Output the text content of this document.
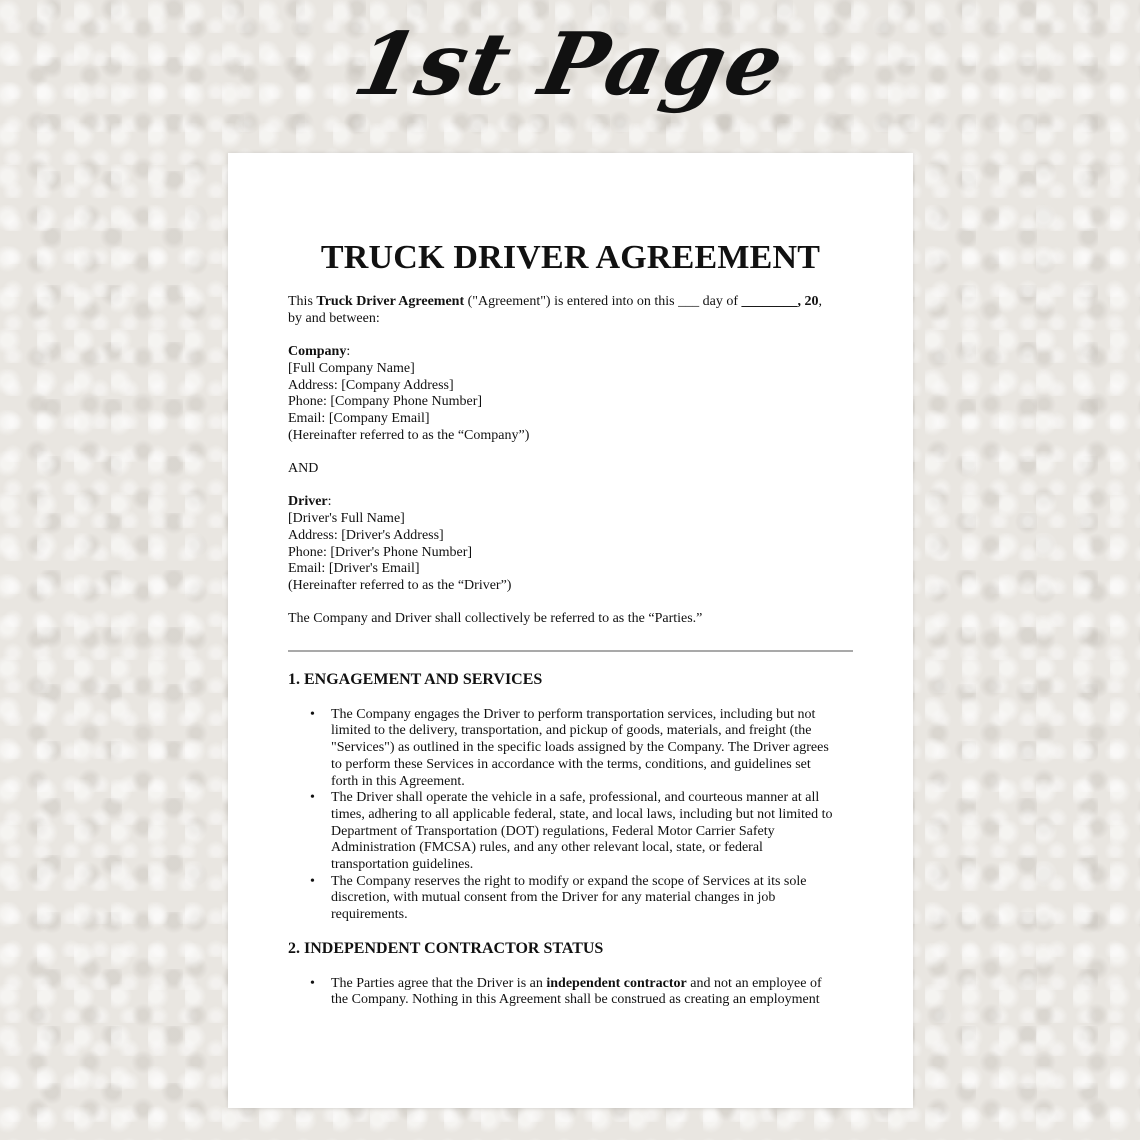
1st Page
TRUCK DRIVER AGREEMENT
This Truck Driver Agreement ("Agreement") is entered into on this ___ day of ________, 20,
by and between:
Company:
[Full Company Name]
Address: [Company Address]
Phone: [Company Phone Number]
Email: [Company Email]
(Hereinafter referred to as the “Company”)
AND
Driver:
[Driver's Full Name]
Address: [Driver's Address]
Phone: [Driver's Phone Number]
Email: [Driver's Email]
(Hereinafter referred to as the “Driver”)
The Company and Driver shall collectively be referred to as the “Parties.”
1. ENGAGEMENT AND SERVICES
• The Company engages the Driver to perform transportation services, including but not
limited to the delivery, transportation, and pickup of goods, materials, and freight (the
"Services") as outlined in the specific loads assigned by the Company. The Driver agrees
to perform these Services in accordance with the terms, conditions, and guidelines set
forth in this Agreement.
• The Driver shall operate the vehicle in a safe, professional, and courteous manner at all
times, adhering to all applicable federal, state, and local laws, including but not limited to
Department of Transportation (DOT) regulations, Federal Motor Carrier Safety
Administration (FMCSA) rules, and any other relevant local, state, or federal
transportation guidelines.
• The Company reserves the right to modify or expand the scope of Services at its sole
discretion, with mutual consent from the Driver for any material changes in job
requirements.
2. INDEPENDENT CONTRACTOR STATUS
• The Parties agree that the Driver is an independent contractor and not an employee of
the Company. Nothing in this Agreement shall be construed as creating an employment
